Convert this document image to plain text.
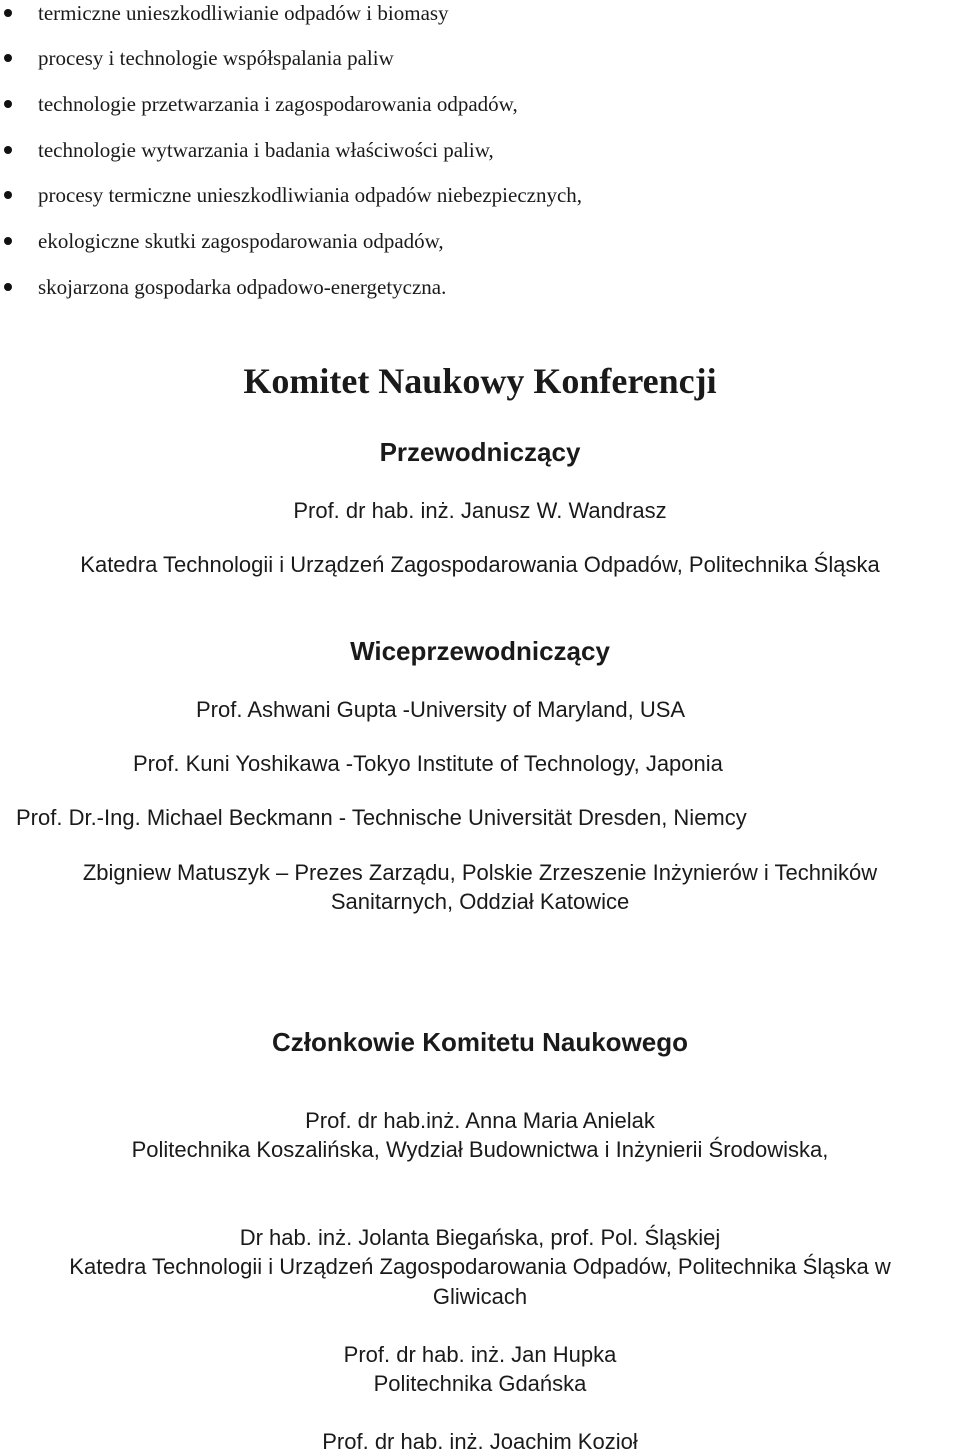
termiczne unieszkodliwianie odpadów i biomasy
procesy i technologie współspalania paliw
technologie przetwarzania i zagospodarowania odpadów,
technologie wytwarzania i badania właściwości paliw,
procesy termiczne unieszkodliwiania odpadów niebezpiecznych,
ekologiczne skutki zagospodarowania odpadów,
skojarzona gospodarka odpadowo-energetyczna.
Komitet Naukowy Konferencji
Przewodniczący
Prof. dr hab. inż. Janusz W. Wandrasz
Katedra Technologii i Urządzeń Zagospodarowania Odpadów, Politechnika Śląska
Wiceprzewodniczący
Prof. Ashwani Gupta -University of Maryland, USA
Prof. Kuni Yoshikawa -Tokyo Institute of Technology, Japonia
Prof. Dr.-Ing. Michael Beckmann - Technische Universität Dresden, Niemcy
Zbigniew Matuszyk – Prezes Zarządu, Polskie Zrzeszenie Inżynierów i Techników
Sanitarnych, Oddział Katowice
Członkowie Komitetu Naukowego
Prof. dr hab.inż. Anna Maria Anielak
Politechnika Koszalińska, Wydział Budownictwa i Inżynierii Środowiska,
Dr hab. inż. Jolanta Biegańska, prof. Pol. Śląskiej
Katedra Technologii i Urządzeń Zagospodarowania Odpadów, Politechnika Śląska w
Gliwicach
Prof. dr hab. inż. Jan Hupka
Politechnika Gdańska
Prof. dr hab. inż. Joachim Kozioł
